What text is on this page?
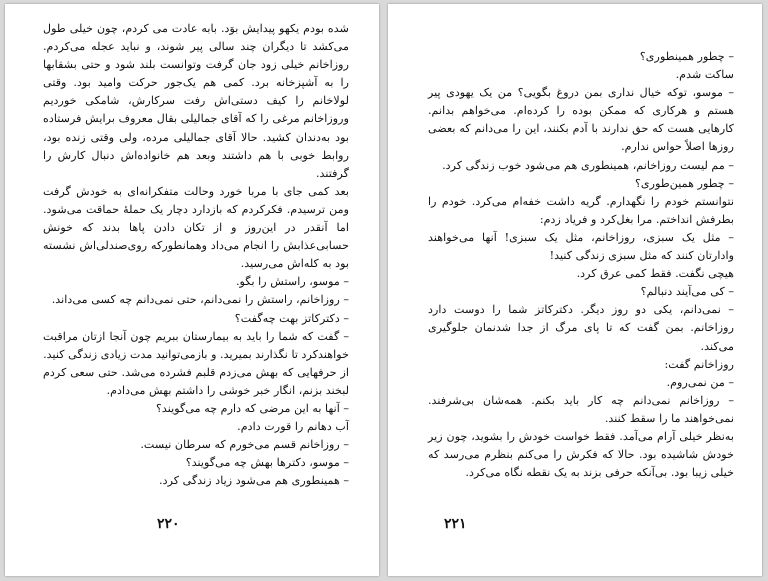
شده بودم یکهو پیدایش بوَد. بابه عادت می کردم، چون خیلی طول می‌کشد تا دیگران چند سالی پیر شوند، و نباید عجله می‌کردم. روزاخانم خیلی زود جان گرفت وتوانست بلند شود و حتی بشقابها را به آشپزخانه برد. کمی هم یک‌جور حرکت وامید بود. وقتی لولاخانم را کیف دستی‌اش رفت سرکارش، شامکی خوردیم وروزاخانم مرغی را که آقای جمالیلی بقال معروف برایش فرستاده بود به‌دندان کشید. حالا آقای جمالیلی مرده، ولی وقتی زنده بود، روابط خوبی با هم داشتند وبعد هم خانواده‌اش دنبال کارش را گرفتند.

بعد کمی جای با مربا خورد وحالت متفکرانه‌ای به خودش گرفت ومن ترسیدم. فکرکردم که بازدارد دچار یک حملهٔ حماقت می‌شود. اما آنقدر در این‌روز و از تکان دادن پاها بدند که خونش حسابی‌عذابش را انجام می‌داد وهمانطورکه روی‌صندلی‌اش نشسته بود به کله‌اش می‌رسید.

– موسو، راستش را بگو.

– روزاخانم، راستش را نمی‌دانم، حتی نمی‌دانم چه کسی می‌داند.

– دکترکاتز بهت چه‌گفت؟

– گفت که شما را باید به بیمارستان ببریم چون آنجا ازتان مراقبت خواهندکرد تا نگذارند بمیرید. و بازمی‌توانید مدت زیادی زندگی کنید.

از حرفهایی که بهش می‌زدم قلبم فشرده می‌شد. حتی سعی کردم لبخند بزنم، انگار خبر خوشی را داشتم بهش می‌دادم.

– آنها به این مرضی که دارم چه می‌گویند؟

آب دهانم را قورت دادم.

– روزاخانم قسم می‌خورم که سرطان نیست.

– موسو، دکترها بهش چه می‌گویند؟

– همینطوری هم می‌شود زیاد زندگی کرد.

۲۲۰

– چطور همینطوری؟

ساکت شدم.

– موسو، توکه خیال نداری بمن دروغ بگویی؟ من یک یهودی پیر هستم و هرکاری که ممکن بوده را کرده‌ام. می‌خواهم بدانم. کارهایی هست که حق ندارند با آدم بکنند، این را می‌دانم که بعضی روزها اصلاً حواس ندارم.

– مم لیست روزاخانم، همینطوری هم می‌شود خوب زندگی کرد.

– چطور همین‌طوری؟

نتوانستم خودم را نگهدارم. گریه داشت خفه‌ام می‌کرد. خودم را بطرفش انداختم. مرا بغل‌کرد و فریاد زدم:

– مثل یک سبزی، روزاخانم، مثل یک سبزی! آنها می‌خواهند وادارتان کنند که مثل سبزی زندگی کنید!

هیچی نگفت. فقط کمی عرق کرد.

– کی می‌آیند دنبالم؟

– نمی‌دانم، یکی دو روز دیگر. دکترکاتز شما را دوست دارد روزاخانم. بمن گفت که تا پای مرگ از جدا شدنمان جلوگیری می‌کند.

روزاخانم گفت:

– من نمی‌روم.

– روزاخانم نمی‌دانم چه کار باید بکنم. همه‌شان بی‌شرفند. نمی‌خواهند ما را سقط کنند.

به‌نظر خیلی آرام می‌آمد. فقط خواست خودش را بشوید، چون زیر خودش شاشیده بود. حالا که فکرش را می‌کنم بنظرم می‌رسد که خیلی زیبا بود. بی‌آنکه حرفی بزند به یک نقطه نگاه می‌کرد.

۲۲۱
